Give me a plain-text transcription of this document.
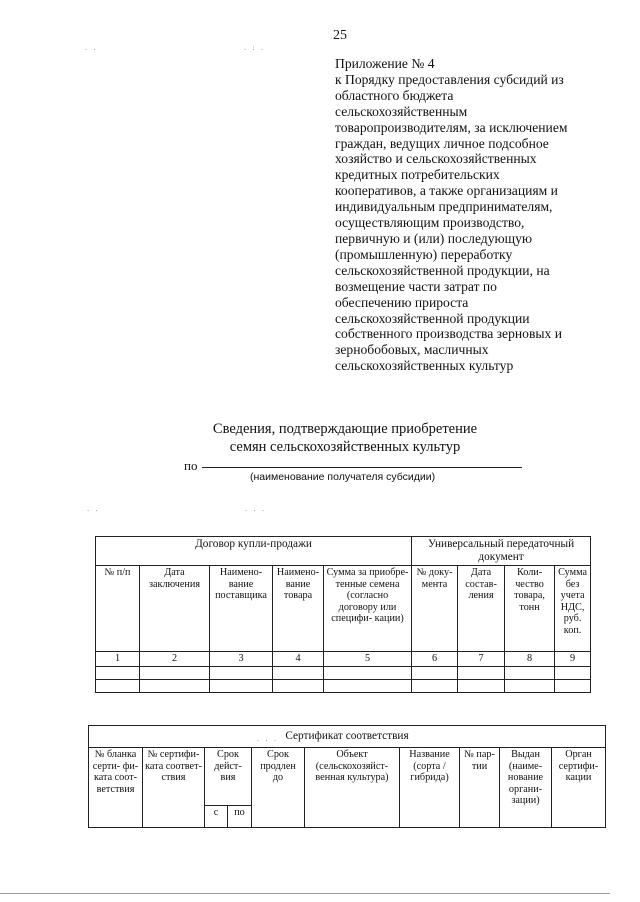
. .	. : .
. .	. . .
. . .
25
Приложение № 4
к Порядку предоставления субсидий из
областного бюджета
сельскохозяйственным
товаропроизводителям, за исключением
граждан, ведущих личное подсобное
хозяйство и сельскохозяйственных
кредитных потребительских
кооперативов, а также организациям и
индивидуальным предпринимателям,
осуществляющим производство,
первичную и (или) последующую
(промышленную) переработку
сельскохозяйственной продукции, на
возмещение части затрат по
обеспечению прироста
сельскохозяйственной продукции
собственного производства зерновых и
зернобобовых, масличных
сельскохозяйственных культур
Сведения, подтверждающие приобретение
семян сельскохозяйственных культур
по
(наименование получателя субсидии)
Договор купли-продажи					Универсальный передаточный документ			
№ п/п	Дата заключения	Наимено- вание поставщика	Наимено- вание товара	Сумма за приобре- тенные семена (согласно договору или специфи- кации)	№ доку- мента	Дата состав- ления	Коли- чество товара, тонн	Сумма без учета НДС, руб. коп.
1	2	3	4	5	6	7	8	9

Сертификат соответствия									
№ бланка серти- фи- ката соот- ветствия	№ сертифи- ката соответ- ствия	Срок дейст- вия		Срок продлен до	Объект (сельскохозяйст- венная культура)	Название (сорта / гибрида)	№ пар- тии	Выдан (наиме- нование органи- зации)	Орган сертифи- кации
		с	по						
